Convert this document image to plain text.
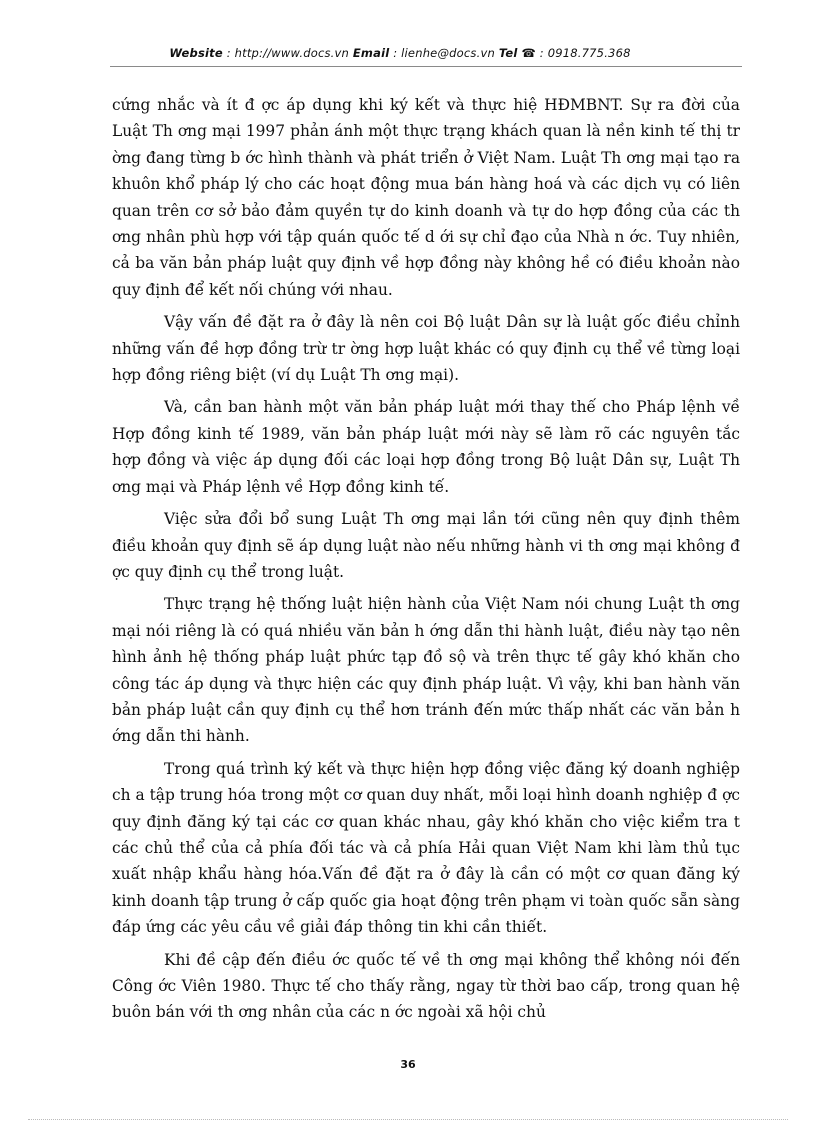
Website : http://www.docs.vn Email : lienhe@docs.vn Tel ☎ : 0918.775.368

cứng nhắc và ít đ ợc áp dụng khi ký kết và thực hiệ HĐMBNT. Sự ra đời của Luật Th ơng mại 1997 phản ánh một thực trạng khách quan là nền kinh tế thị tr ờng đang từng b ớc hình thành và phát triển ở Việt Nam. Luật Th ơng mại tạo ra khuôn khổ pháp lý cho các hoạt động mua bán hàng hoá và các dịch vụ có liên quan trên cơ sở bảo đảm quyền tự do kinh doanh và tự do hợp đồng của các th ơng nhân phù hợp với tập quán quốc tế d ới sự chỉ đạo của Nhà n ớc. Tuy nhiên, cả ba văn bản pháp luật quy định về hợp đồng này không hề có điều khoản nào quy định để kết nối chúng với nhau.

Vậy vấn đề đặt ra ở đây là nên coi Bộ luật Dân sự là luật gốc điều chỉnh những vấn đề hợp đồng trừ tr ờng hợp luật khác có quy định cụ thể về từng loại hợp đồng riêng biệt (ví dụ Luật Th ơng mại).

Và, cần ban hành một văn bản pháp luật mới thay thế cho Pháp lệnh về Hợp đồng kinh tế 1989, văn bản pháp luật mới này sẽ làm rõ các nguyên tắc hợp đồng và việc áp dụng đối các loại hợp đồng trong Bộ luật Dân sự, Luật Th ơng mại và Pháp lệnh về Hợp đồng kinh tế.

Việc sửa đổi bổ sung Luật Th ơng mại lần tới cũng nên quy định thêm điều khoản quy định sẽ áp dụng luật nào nếu những hành vi th ơng mại không đ ợc quy định cụ thể trong luật.

Thực trạng hệ thống luật hiện hành của Việt Nam nói chung Luật th ơng mại nói riêng là có quá nhiều văn bản h ớng dẫn thi hành luật, điều này tạo nên hình ảnh hệ thống pháp luật phức tạp đồ sộ và trên thực tế gây khó khăn cho công tác áp dụng và thực hiện các quy định pháp luật. Vì vậy, khi ban hành văn bản pháp luật cần quy định cụ thể hơn tránh đến mức thấp nhất các văn bản h ớng dẫn thi hành.

Trong quá trình ký kết và thực hiện hợp đồng việc đăng ký doanh nghiệp ch a tập trung hóa trong một cơ quan duy nhất, mỗi loại hình doanh nghiệp đ ợc quy định đăng ký tại các cơ quan khác nhau, gây khó khăn cho việc kiểm tra t các chủ thể của cả phía đối tác và cả phía Hải quan Việt Nam khi làm thủ tục xuất nhập khẩu hàng hóa.Vấn đề đặt ra ở đây là cần có một cơ quan đăng ký kinh doanh tập trung ở cấp quốc gia hoạt động trên phạm vi toàn quốc sẵn sàng đáp ứng các yêu cầu về giải đáp thông tin khi cần thiết.

Khi đề cập đến điều ớc quốc tế về th ơng mại không thể không nói đến Công ớc Viên 1980. Thực tế cho thấy rằng, ngay từ thời bao cấp, trong quan hệ buôn bán với th ơng nhân của các n ớc ngoài xã hội chủ

36
